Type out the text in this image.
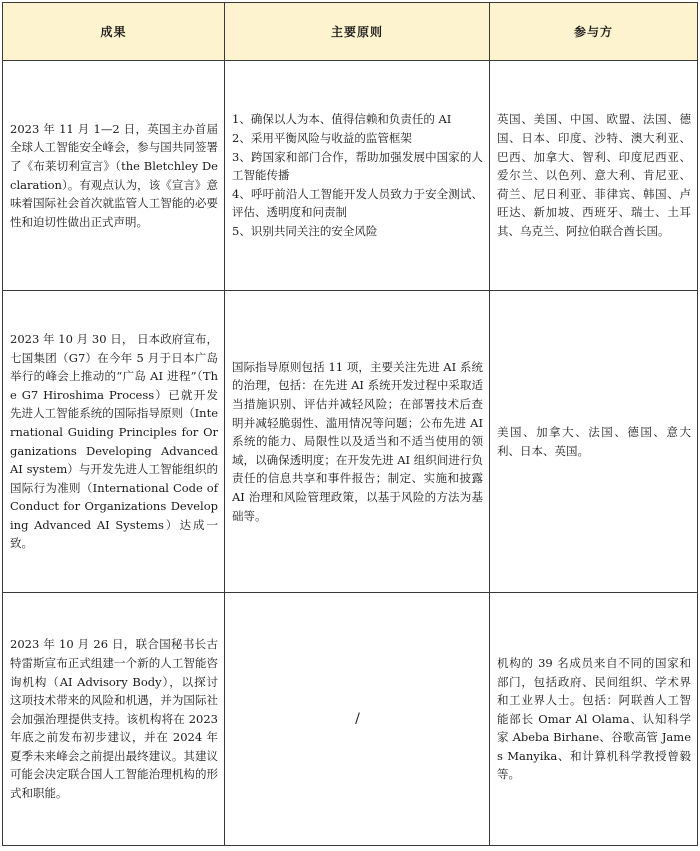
成果	主要原则	参与方
2023 年 11 月 1—2 日，英国主办首届全球人工智能安全峰会，参与国共同签署了《布莱切利宣言》（the Bletchley Declaration）。有观点认为，该《宣言》意味着国际社会首次就监管人工智能的必要性和迫切性做出正式声明。	1、确保以人为本、值得信赖和负责任的 AI
2、采用平衡风险与收益的监管框架
3、跨国家和部门合作，帮助加强发展中国家的人工智能传播
4、呼吁前沿人工智能开发人员致力于安全测试、评估、透明度和问责制
5、识别共同关注的安全风险	英国、美国、中国、欧盟、法国、德国、日本、印度、沙特、澳大利亚、巴西、加拿大、智利、印度尼西亚、爱尔兰、以色列、意大利、肯尼亚、荷兰、尼日利亚、菲律宾、韩国、卢旺达、新加坡、西班牙、瑞士、土耳其、乌克兰、阿拉伯联合酋长国。
2023 年 10 月 30 日， 日本政府宣布，七国集团（G7）在今年 5 月于日本广岛举行的峰会上推动的“广岛 AI 进程”（The G7 Hiroshima Process）已就开发先进人工智能系统的国际指导原则（International Guiding Principles for Organizations Developing Advanced AI system）与开发先进人工智能组织的国际行为准则（International Code of Conduct for Organizations Developing Advanced AI Systems）达成一致。	国际指导原则包括 11 项，主要关注先进 AI 系统的治理，包括：在先进 AI 系统开发过程中采取适当措施识别、评估并减轻风险；在部署技术后查明并减轻脆弱性、滥用情况等问题；公布先进 AI 系统的能力、局限性以及适当和不适当使用的领域，以确保透明度；在开发先进 AI 组织间进行负责任的信息共享和事件报告；制定、实施和披露 AI 治理和风险管理政策，以基于风险的方法为基础等。	美国、加拿大、法国、德国、意大利、日本、英国。
2023 年 10 月 26 日，联合国秘书长古特雷斯宣布正式组建一个新的人工智能咨询机构（AI Advisory Body），以探讨这项技术带来的风险和机遇，并为国际社会加强治理提供支持。该机构将在 2023 年底之前发布初步建议，并在 2024 年夏季未来峰会之前提出最终建议。其建议可能会决定联合国人工智能治理机构的形式和职能。	/	机构的 39 名成员来自不同的国家和部门，包括政府、民间组织、学术界和工业界人士。包括：阿联酋人工智能部长 Omar Al Olama、认知科学家 Abeba Birhane、谷歌高管 James Manyika、和计算机科学教授曾毅等。
